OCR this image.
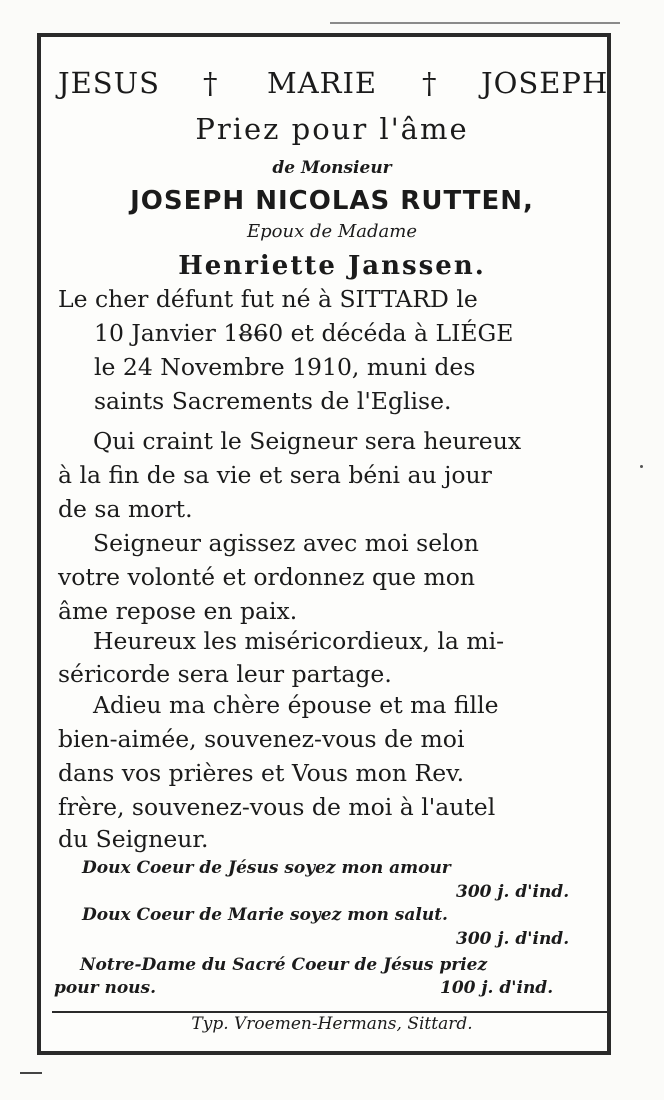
JESUS † MARIE † JOSEPH
Priez pour l'âme
de Monsieur
JOSEPH NICOLAS RUTTEN,
Epoux de Madame
Henriette Janssen.
Le cher défunt fut né à SITTARD le
10 Janvier 18̶6̶0 et décéda à LIÉGE
le 24 Novembre 1910, muni des
saints Sacrements de l'Eglise.
Qui craint le Seigneur sera heureux
à la fin de sa vie et sera béni au jour
de sa mort.
Seigneur agissez avec moi selon
votre volonté et ordonnez que mon
âme repose en paix.
Heureux les miséricordieux, la mi-
séricorde sera leur partage.
Adieu ma chère épouse et ma fille
bien-aimée, souvenez-vous de moi
dans vos prières et Vous mon Rev.
frère, souvenez-vous de moi à l'autel
du Seigneur.
Doux Coeur de Jésus soyez mon amour
300 j. d'ind.
Doux Coeur de Marie soyez mon salut.
300 j. d'ind.
Notre-Dame du Sacré Coeur de Jésus priez
pour nous.	100 j. d'ind.
Typ. Vroemen-Hermans, Sittard.
